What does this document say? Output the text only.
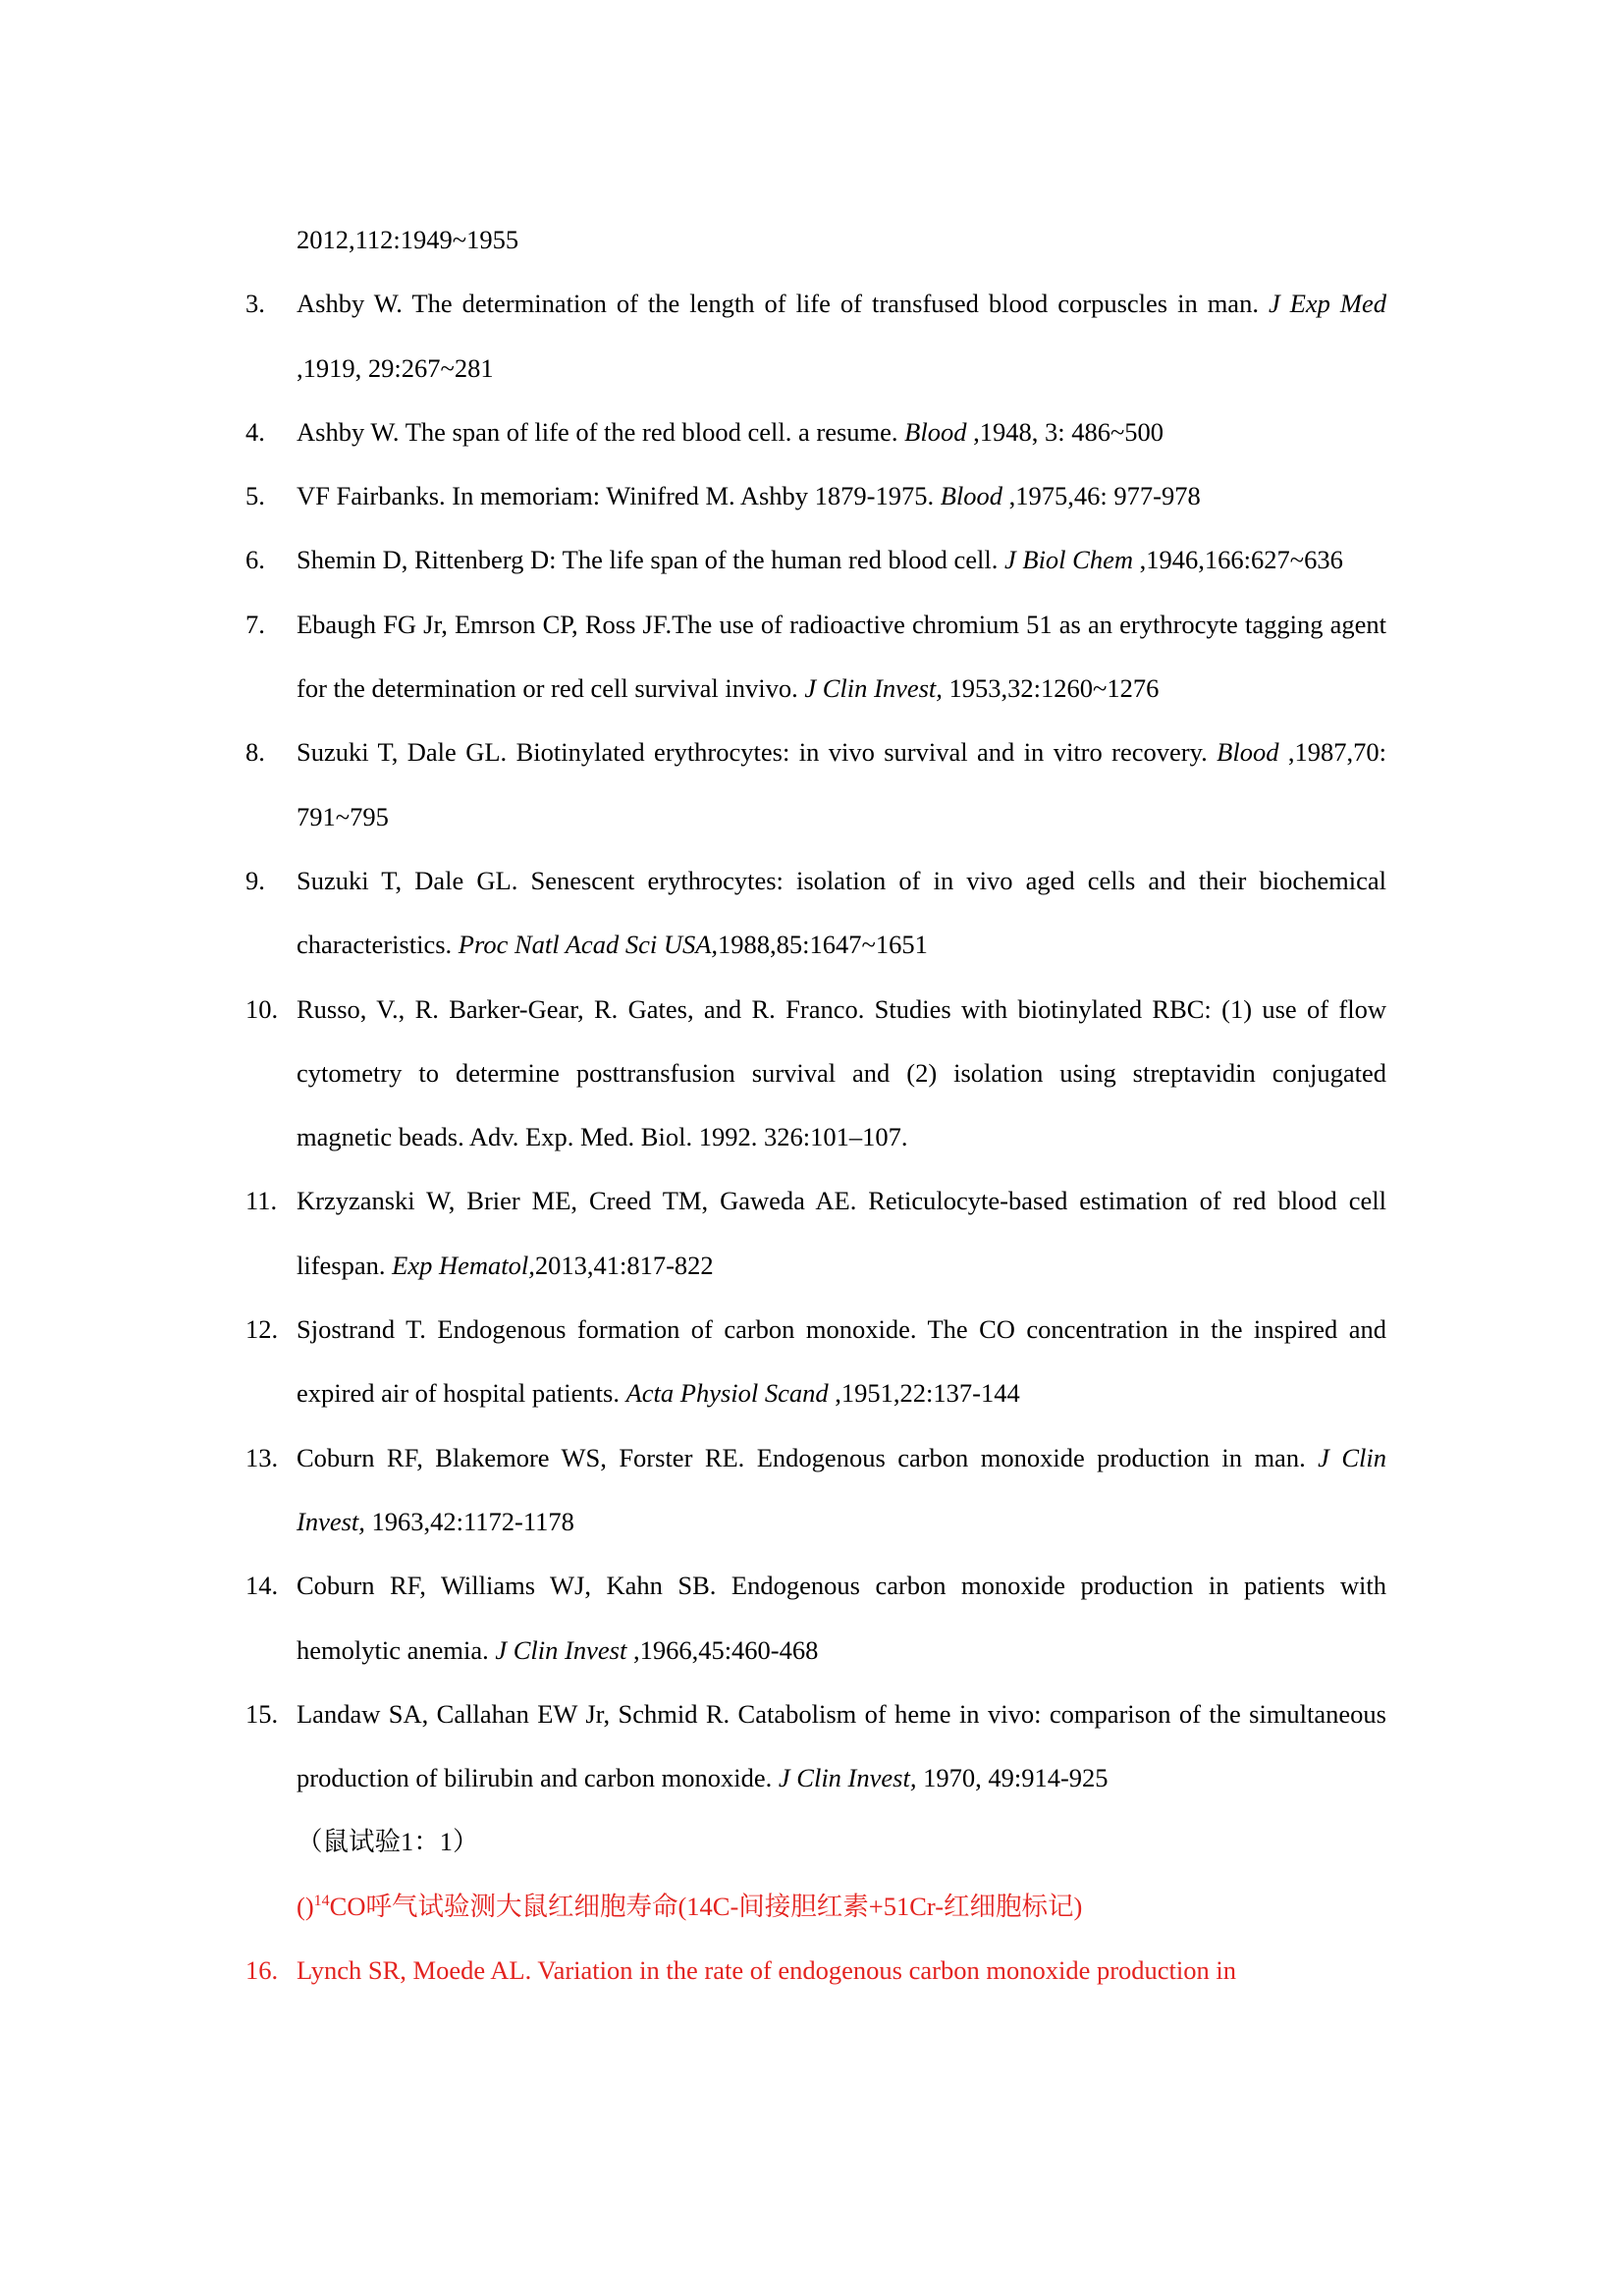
2012,112:1949~1955
3.	Ashby W. The determination of the length of life of transfused blood corpuscles in man. J Exp Med ,1919, 29:267~281
4.	Ashby W. The span of life of the red blood cell. a resume. Blood ,1948, 3: 486~500
5.	VF Fairbanks. In memoriam: Winifred M. Ashby 1879-1975. Blood ,1975,46: 977-978
6.	Shemin D, Rittenberg D: The life span of the human red blood cell. J Biol Chem ,1946,166:627~636
7.	Ebaugh FG Jr, Emrson CP, Ross JF.The use of radioactive chromium 51 as an erythrocyte tagging agent for the determination or red cell survival invivo. J Clin Invest, 1953,32:1260~1276
8.	Suzuki T, Dale GL. Biotinylated erythrocytes: in vivo survival and in vitro recovery. Blood ,1987,70: 791~795
9.	Suzuki T, Dale GL. Senescent erythrocytes: isolation of in vivo aged cells and their biochemical characteristics. Proc Natl Acad Sci USA,1988,85:1647~1651
10. Russo, V., R. Barker-Gear, R. Gates, and R. Franco. Studies with biotinylated RBC: (1) use of flow cytometry to determine posttransfusion survival and (2) isolation using streptavidin conjugated magnetic beads. Adv. Exp. Med. Biol. 1992. 326:101–107.
11. Krzyzanski W, Brier ME, Creed TM, Gaweda AE. Reticulocyte-based estimation of red blood cell lifespan. Exp Hematol,2013,41:817-822
12. Sjostrand T. Endogenous formation of carbon monoxide. The CO concentration in the inspired and expired air of hospital patients. Acta Physiol Scand ,1951,22:137-144
13. Coburn RF, Blakemore WS, Forster RE. Endogenous carbon monoxide production in man. J Clin Invest, 1963,42:1172-1178
14. Coburn RF, Williams WJ, Kahn SB. Endogenous carbon monoxide production in patients with hemolytic anemia. J Clin Invest ,1966,45:460-468
15. Landaw SA, Callahan EW Jr, Schmid R. Catabolism of heme in vivo: comparison of the simultaneous production of bilirubin and carbon monoxide. J Clin Invest, 1970, 49:914-925
（鼠试验1：1）
()$^{14}$CO呼气试验测大鼠红细胞寿命(14C-间接胆红素+51Cr-红细胞标记)
16. Lynch SR, Moede AL. Variation in the rate of endogenous carbon monoxide production in
